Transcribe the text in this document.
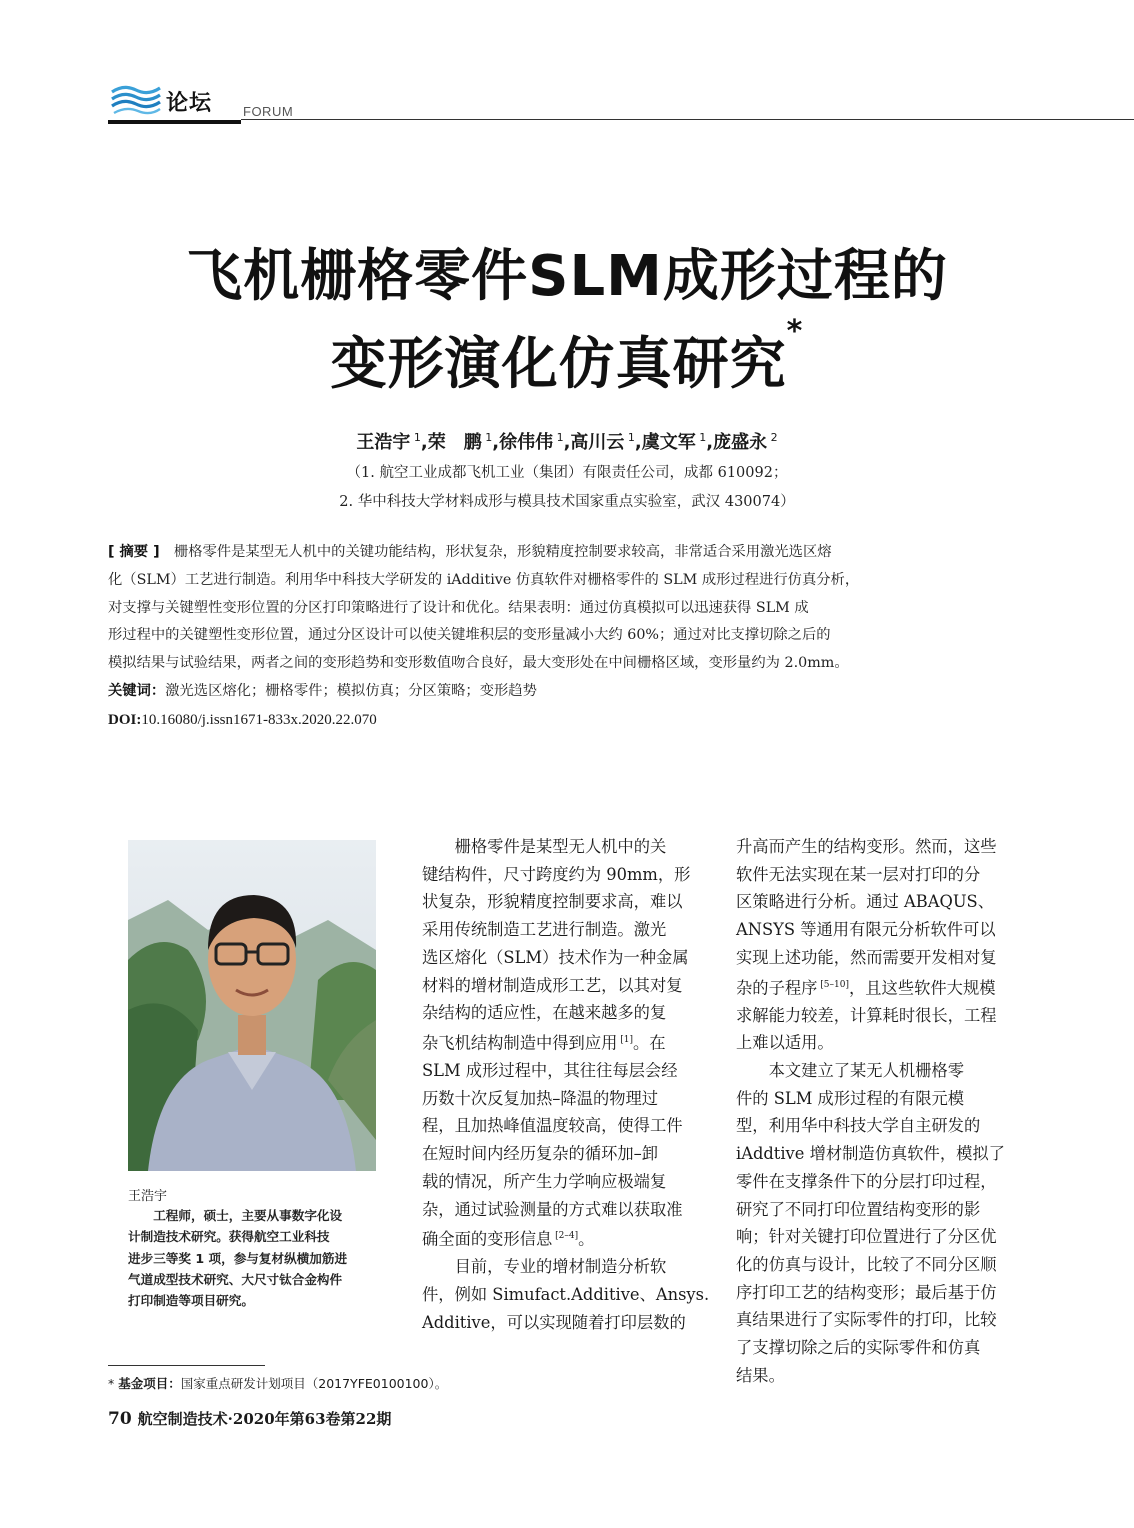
论坛 FORUM
飞机栅格零件SLM成形过程的
变形演化仿真研究*
王浩宇 $^1$,荣　鹏 $^1$,徐伟伟 $^1$,高川云 $^1$,虞文军 $^1$,庞盛永 $^2$
（1. 航空工业成都飞机工业（集团）有限责任公司，成都 610092；
2. 华中科技大学材料成形与模具技术国家重点实验室，武汉 430074）
[ 摘要 ]　 栅格零件是某型无人机中的关键功能结构，形状复杂，形貌精度控制要求较高，非常适合采用激光选区熔
化（SLM）工艺进行制造。利用华中科技大学研发的 iAdditive 仿真软件对栅格零件的 SLM 成形过程进行仿真分析，
对支撑与关键塑性变形位置的分区打印策略进行了设计和优化。结果表明：通过仿真模拟可以迅速获得 SLM 成
形过程中的关键塑性变形位置，通过分区设计可以使关键堆积层的变形量减小大约 60%；通过对比支撑切除之后的
模拟结果与试验结果，两者之间的变形趋势和变形数值吻合良好，最大变形处在中间栅格区域，变形量约为 2.0mm。
关键词：激光选区熔化；栅格零件；模拟仿真；分区策略；变形趋势
DOI:10.16080/j.issn1671-833x.2020.22.070
王浩宇
工程师，硕士，主要从事数字化设
计制造技术研究。获得航空工业科技
进步三等奖 1 项，参与复材纵横加筋进
气道成型技术研究、大尺寸钛合金构件
打印制造等项目研究。
栅格零件是某型无人机中的关
键结构件，尺寸跨度约为 90mm，形
状复杂，形貌精度控制要求高，难以
采用传统制造工艺进行制造。激光
选区熔化（SLM）技术作为一种金属
材料的增材制造成形工艺，以其对复
杂结构的适应性，在越来越多的复
杂飞机结构制造中得到应用 [1]。在
SLM 成形过程中，其往往每层会经
历数十次反复加热–降温的物理过
程，且加热峰值温度较高，使得工件
在短时间内经历复杂的循环加–卸
载的情况，所产生力学响应极端复
杂，通过试验测量的方式难以获取准
确全面的变形信息 [2–4]。
目前，专业的增材制造分析软
件，例如 Simufact.Additive、Ansys.
Additive，可以实现随着打印层数的
升高而产生的结构变形。然而，这些
软件无法实现在某一层对打印的分
区策略进行分析。通过 ABAQUS、
ANSYS 等通用有限元分析软件可以
实现上述功能，然而需要开发相对复
杂的子程序 [5–10]，且这些软件大规模
求解能力较差，计算耗时很长，工程
上难以适用。
本文建立了某无人机栅格零
件的 SLM 成形过程的有限元模
型，利用华中科技大学自主研发的
iAddtive 增材制造仿真软件，模拟了
零件在支撑条件下的分层打印过程，
研究了不同打印位置结构变形的影
响；针对关键打印位置进行了分区优
化的仿真与设计，比较了不同分区顺
序打印工艺的结构变形；最后基于仿
真结果进行了实际零件的打印，比较
了支撑切除之后的实际零件和仿真
结果。
* 基金项目：国家重点研发计划项目（2017YFE0100100）。
70 航空制造技术·2020年第63卷第22期
